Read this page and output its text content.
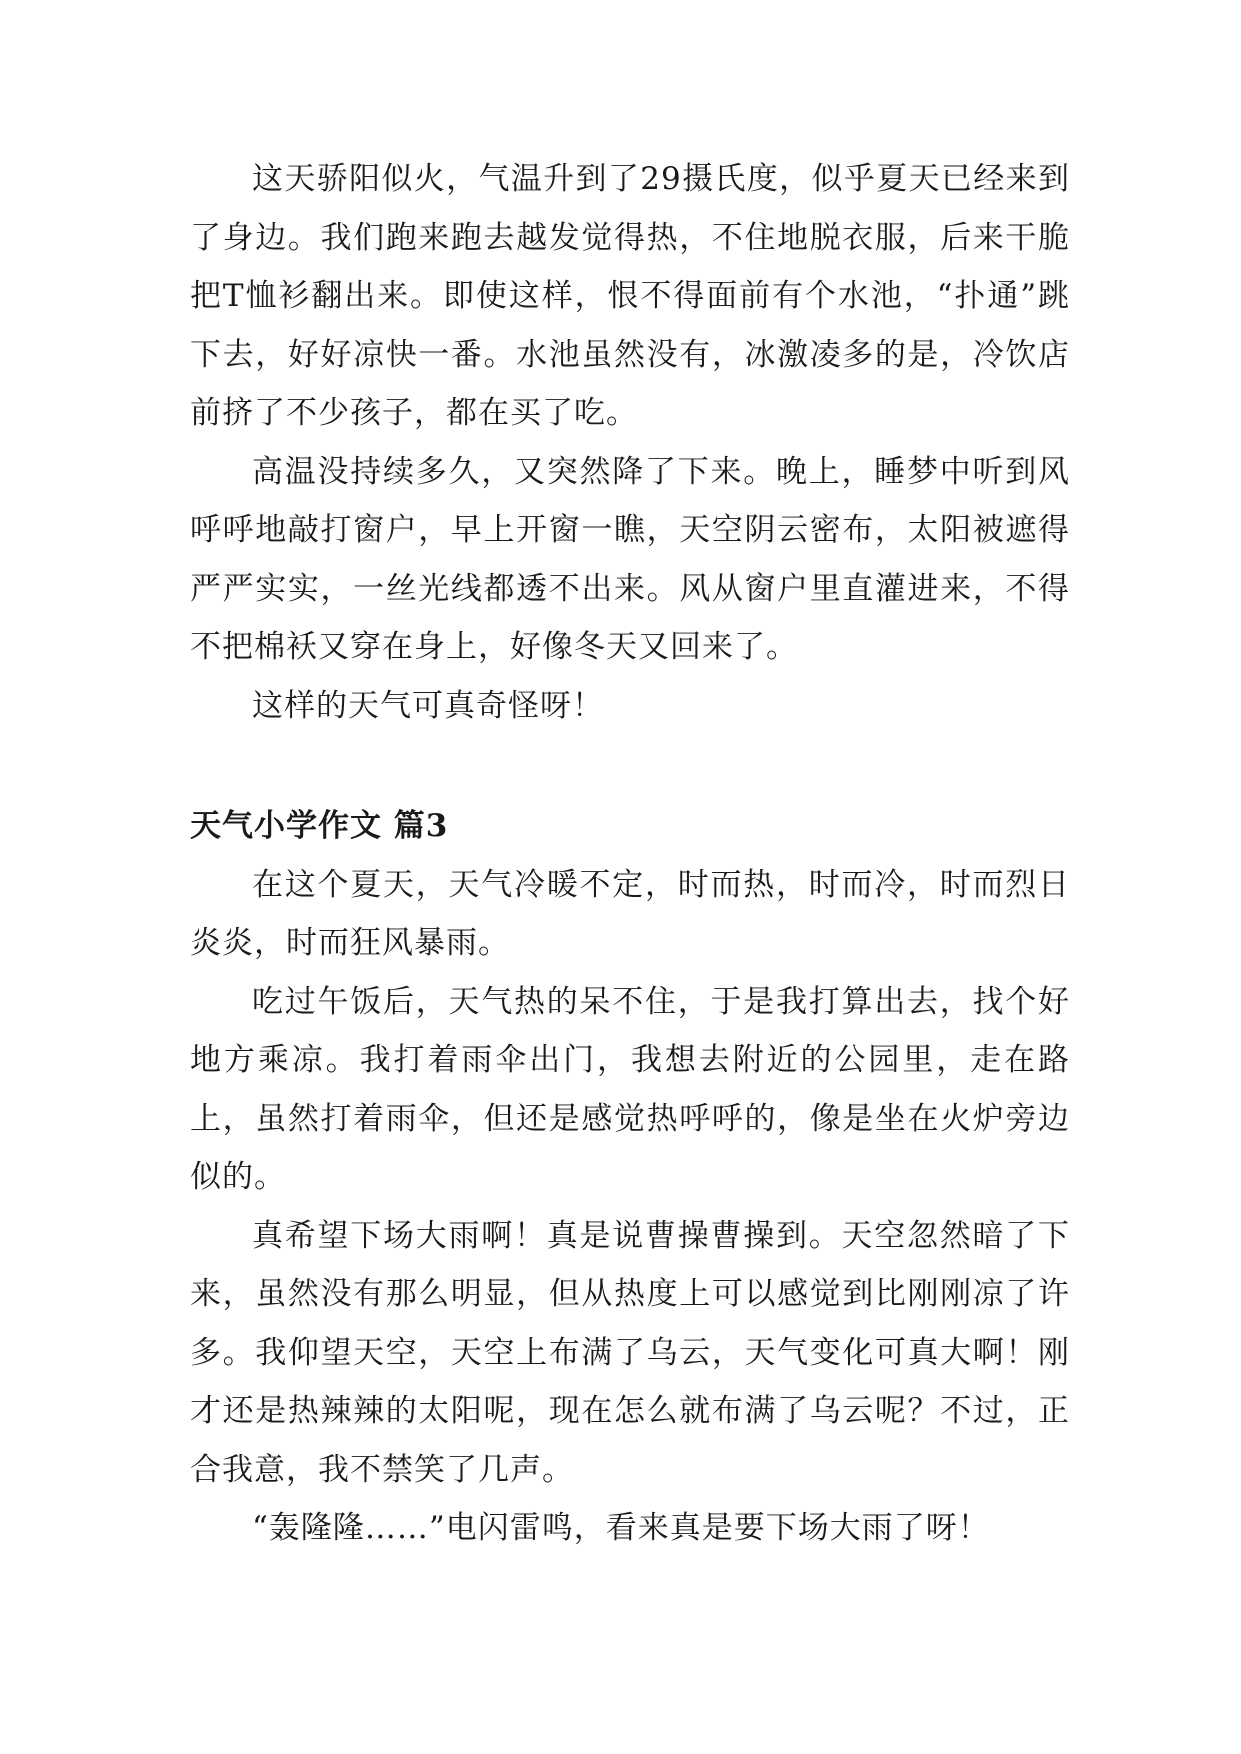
这天骄阳似火，气温升到了29摄氏度，似乎夏天已经来到了身边。我们跑来跑去越发觉得热，不住地脱衣服，后来干脆把T恤衫翻出来。即使这样，恨不得面前有个水池，“扑通”跳下去，好好凉快一番。水池虽然没有，冰激凌多的是，冷饮店前挤了不少孩子，都在买了吃。

高温没持续多久，又突然降了下来。晚上，睡梦中听到风呼呼地敲打窗户，早上开窗一瞧，天空阴云密布，太阳被遮得严严实实，一丝光线都透不出来。风从窗户里直灌进来，不得不把棉袄又穿在身上，好像冬天又回来了。

这样的天气可真奇怪呀！

天气小学作文 篇3

在这个夏天，天气冷暖不定，时而热，时而冷，时而烈日炎炎，时而狂风暴雨。

吃过午饭后，天气热的呆不住，于是我打算出去，找个好地方乘凉。我打着雨伞出门，我想去附近的公园里，走在路上，虽然打着雨伞，但还是感觉热呼呼的，像是坐在火炉旁边似的。

真希望下场大雨啊！真是说曹操曹操到。天空忽然暗了下来，虽然没有那么明显，但从热度上可以感觉到比刚刚凉了许多。我仰望天空，天空上布满了乌云，天气变化可真大啊！刚才还是热辣辣的太阳呢，现在怎么就布满了乌云呢？不过，正合我意，我不禁笑了几声。

“轰隆隆……”电闪雷鸣，看来真是要下场大雨了呀！
